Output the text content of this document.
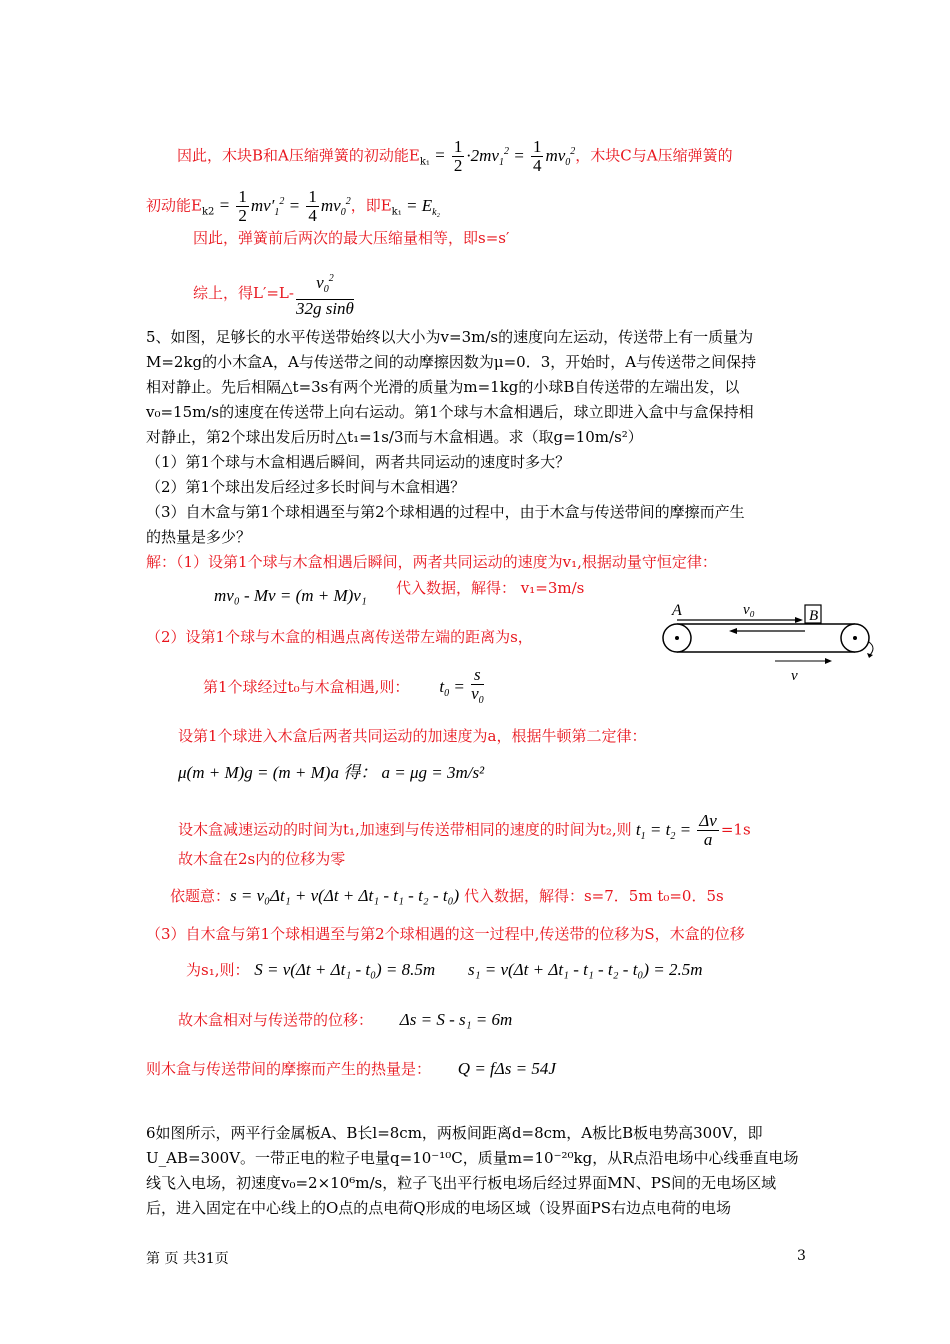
因此，木块B和A压缩弹簧的初动能$E_{k_1} = \frac{1}{2} \cdot 2mv_1^2 = \frac{1}{4} mv_0^2$，木块C与A压缩弹簧的
初动能$E_{k2} = \frac{1}{2} mv'_1^2 = \frac{1}{4} mv_0^2$，即$E_{k_1} = E_{k_2}$
因此，弹簧前后两次的最大压缩量相等，即s=s′
综上，得$L'=L- \frac{v_0^2}{\text{32g sinθ}}$
5、如图，足够长的水平传送带始终以大小为v=3m/s的速度向左运动，传送带上有一质量为
M=2kg的小木盒A，A与传送带之间的动摩擦因数为μ=0．3，开始时，A与传送带之间保持
相对静止。先后相隔△t=3s有两个光滑的质量为m=1kg的小球B自传送带的左端出发，以
v₀=15m/s的速度在传送带上向右运动。第1个球与木盒相遇后，球立即进入盒中与盒保持相
对静止，第2个球出发后历时△t₁=1s/3而与木盒相遇。求（取g=10m/s²）
（1）第1个球与木盒相遇后瞬间，两者共同运动的速度时多大？
（2）第1个球出发后经过多长时间与木盒相遇？
（3）自木盒与第1个球相遇至与第2个球相遇的过程中，由于木盒与传送带间的摩擦而产生
的热量是多少？
解：（1）设第1个球与木盒相遇后瞬间，两者共同运动的速度为v₁,根据动量守恒定律：
mv₀ - Mv = (m + M)v₁ 代入数据，解得： v₁=3m/s
（2）设第1个球与木盒的相遇点离传送带左端的距离为s，
第1个球经过t₀与木盒相遇,则： $t_0 = \frac{s}{v_0}$
设第1个球进入木盒后两者共同运动的加速度为a，根据牛顿第二定律：
μ(m + M)g = (m + M)a 得： a = μg = 3m/s²
设木盒减速运动的时间为t₁,加速到与传送带相同的速度的时间为t₂,则 $t_1 = t_2 = \frac{\Delta v}{a} =1s$
故木盒在2s内的位移为零
依题意：s = v₀Δt₁ + v(Δt + Δt₁ - t₁ - t₂ - t₀) 代入数据，解得：s=7．5m t₀=0．5s
（3）自木盒与第1个球相遇至与第2个球相遇的这一过程中,传送带的位移为S，木盒的位移
为s₁,则： S = v(Δt + Δt₁ - t₀) = 8.5m s₁ = v(Δt + Δt₁ - t₁ - t₂ - t₀) = 2.5m
故木盒相对与传送带的位移： Δs = S - s₁ = 6m
则木盒与传送带间的摩擦而产生的热量是： Q = fΔs = 54J
A	v₀	B
v
6如图所示，两平行金属板A、B长l=8cm，两板间距离d=8cm，A板比B板电势高300V，即
U_AB=300V。一带正电的粒子电量q=10⁻¹⁰C，质量m=10⁻²⁰kg，从R点沿电场中心线垂直电场
线飞入电场，初速度v₀=2×10⁶m/s，粒子飞出平行板电场后经过界面MN、PS间的无电场区域
后，进入固定在中心线上的O点的点电荷Q形成的电场区域（设界面PS右边点电荷的电场
第 页 共31页	3
